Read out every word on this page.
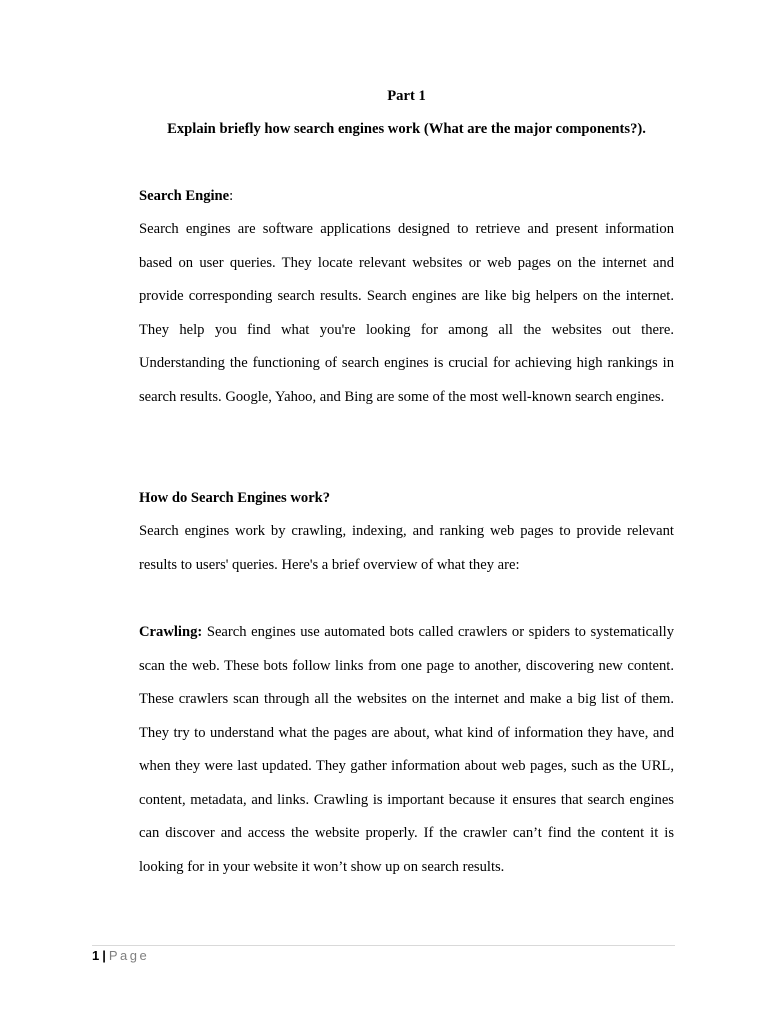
Part 1
Explain briefly how search engines work (What are the major components?).
Search Engine:

Search engines are software applications designed to retrieve and present information based on user queries. They locate relevant websites or web pages on the internet and provide corresponding search results. Search engines are like big helpers on the internet. They help you find what you're looking for among all the websites out there. Understanding the functioning of search engines is crucial for achieving high rankings in search results. Google, Yahoo, and Bing are some of the most well-known search engines.

How do Search Engines work?

Search engines work by crawling, indexing, and ranking web pages to provide relevant results to users' queries. Here's a brief overview of what they are:

Crawling: Search engines use automated bots called crawlers or spiders to systematically scan the web. These bots follow links from one page to another, discovering new content. These crawlers scan through all the websites on the internet and make a big list of them. They try to understand what the pages are about, what kind of information they have, and when they were last updated. They gather information about web pages, such as the URL, content, metadata, and links. Crawling is important because it ensures that search engines can discover and access the website properly. If the crawler can’t find the content it is looking for in your website it won’t show up on search results.

1 | Page
